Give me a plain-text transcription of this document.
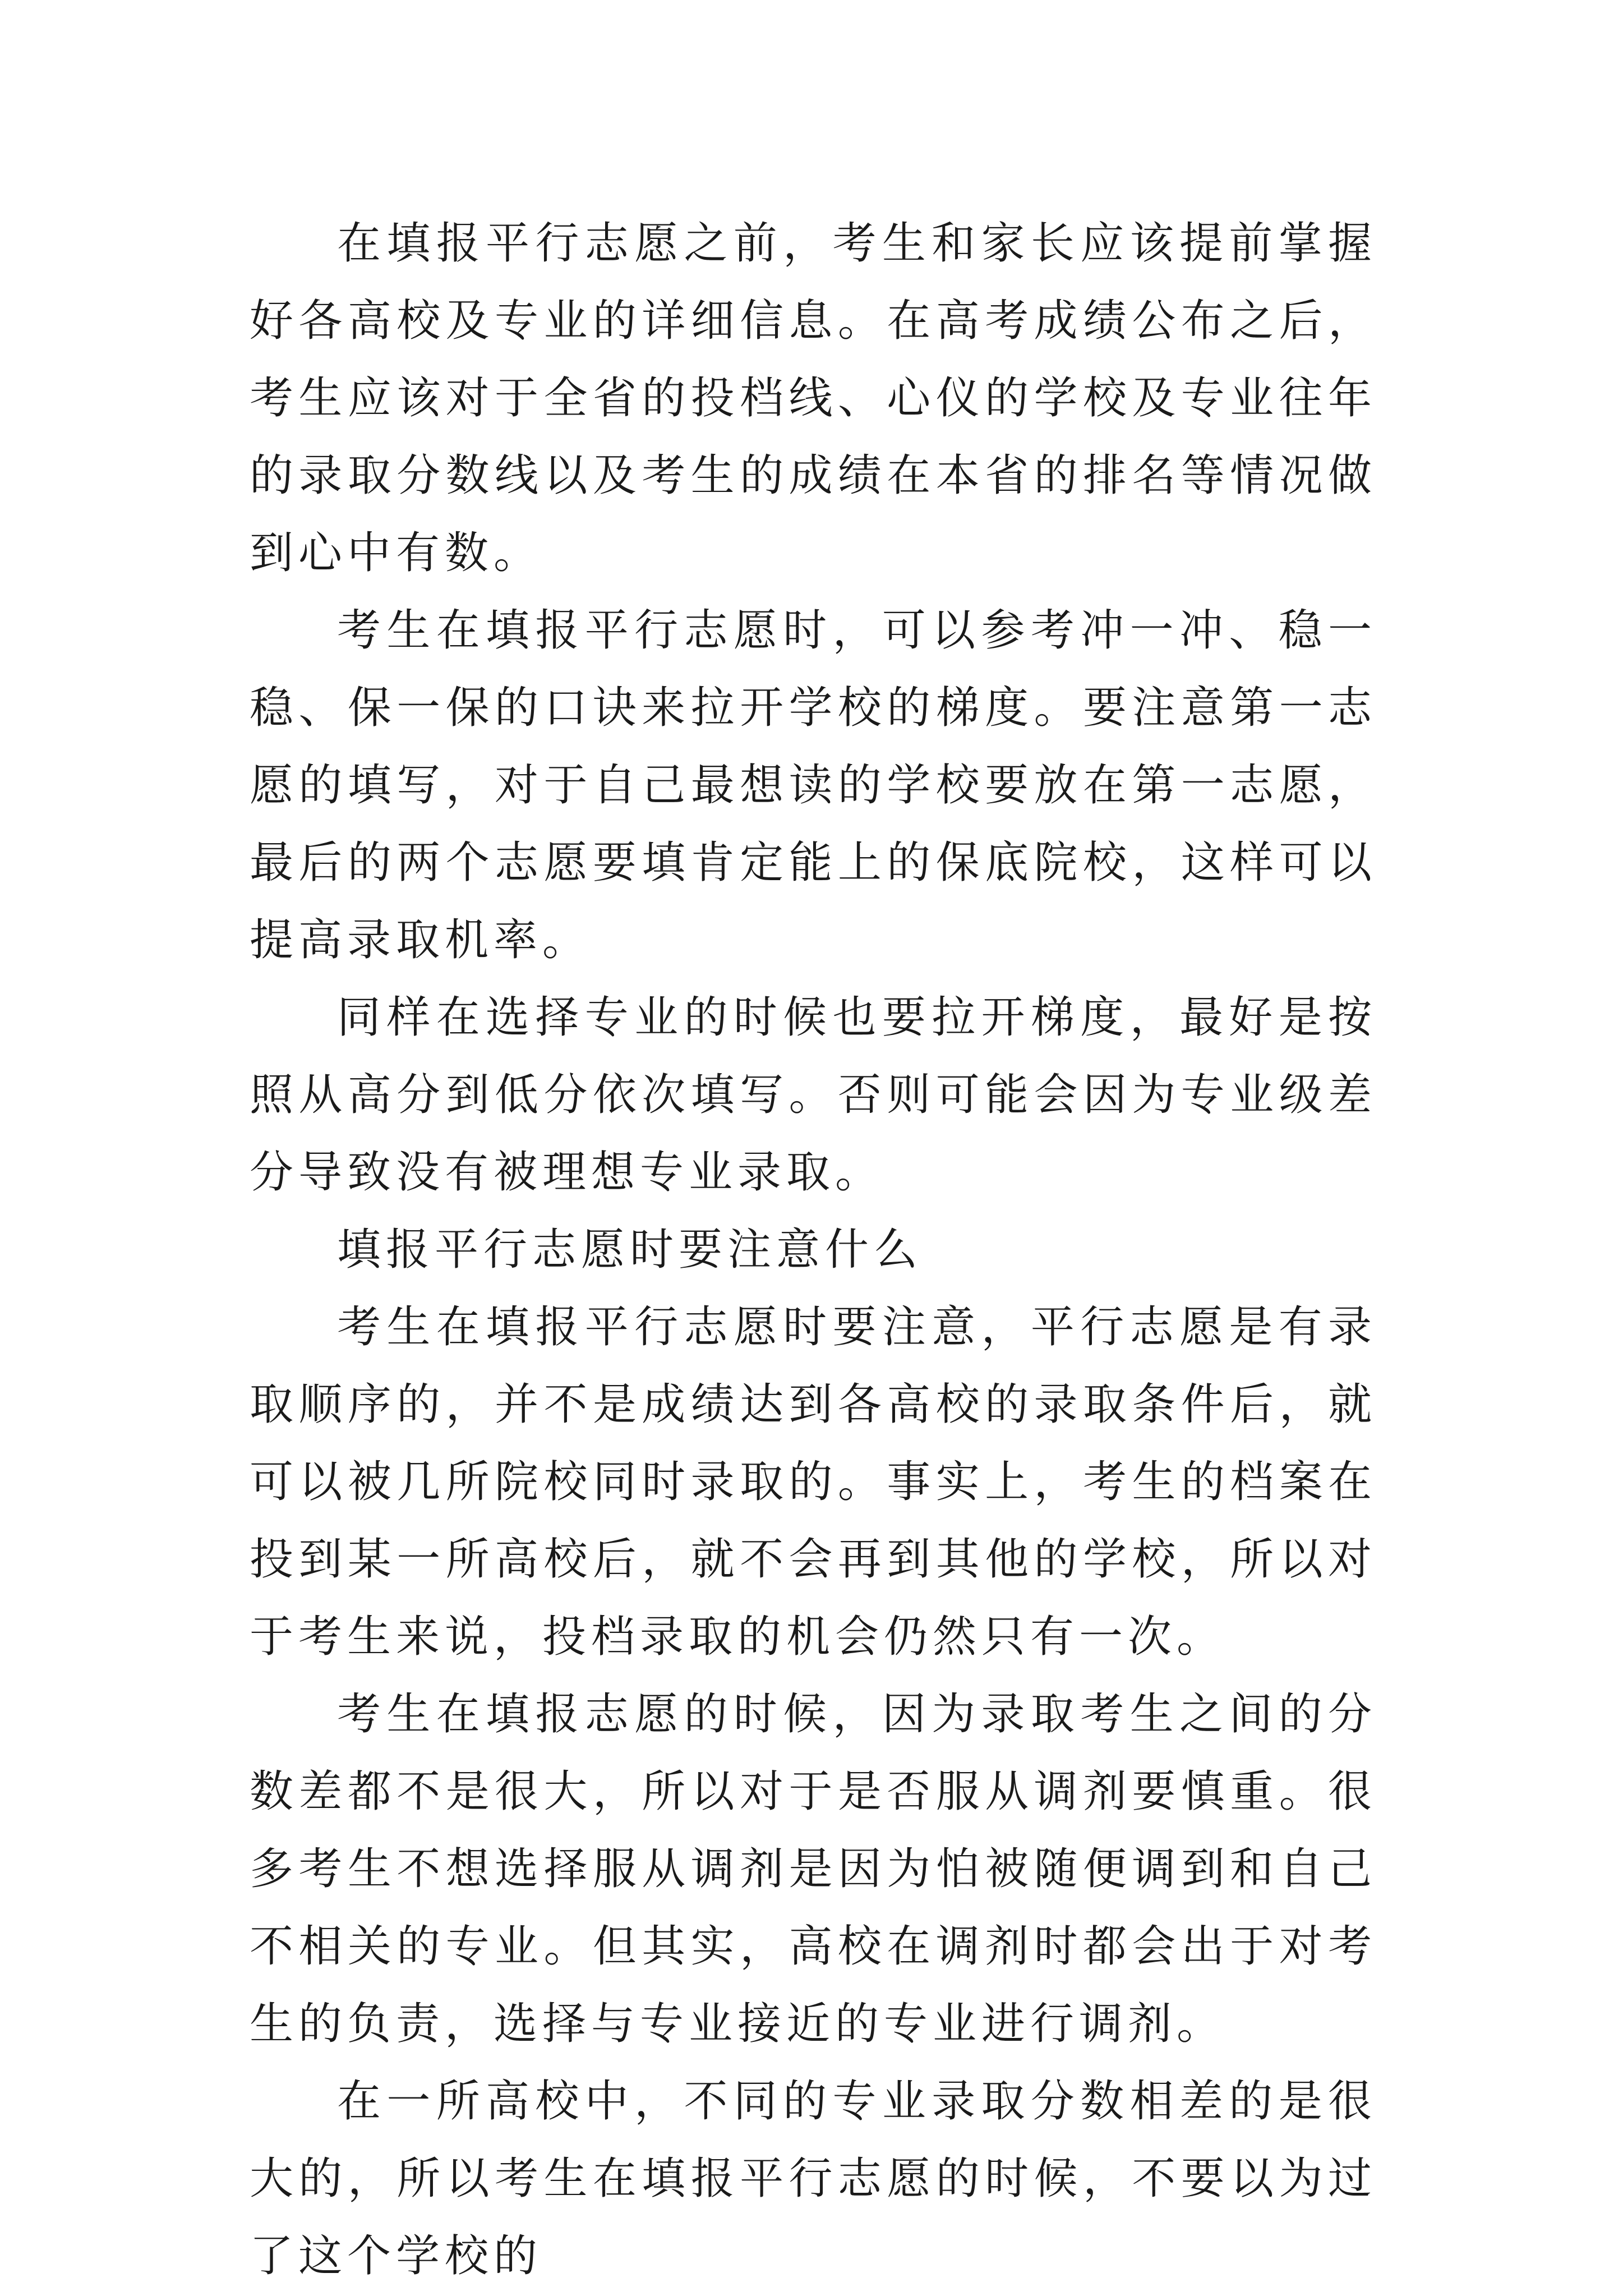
在填报平行志愿之前，考生和家长应该提前掌握好各高校及专业的详细信息。在高考成绩公布之后，考生应该对于全省的投档线、心仪的学校及专业往年的录取分数线以及考生的成绩在本省的排名等情况做到心中有数。

考生在填报平行志愿时，可以参考冲一冲、稳一稳、保一保的口诀来拉开学校的梯度。要注意第一志愿的填写，对于自己最想读的学校要放在第一志愿，最后的两个志愿要填肯定能上的保底院校，这样可以提高录取机率。

同样在选择专业的时候也要拉开梯度，最好是按照从高分到低分依次填写。否则可能会因为专业级差分导致没有被理想专业录取。

填报平行志愿时要注意什么

考生在填报平行志愿时要注意，平行志愿是有录取顺序的，并不是成绩达到各高校的录取条件后，就可以被几所院校同时录取的。事实上，考生的档案在投到某一所高校后，就不会再到其他的学校，所以对于考生来说，投档录取的机会仍然只有一次。

考生在填报志愿的时候，因为录取考生之间的分数差都不是很大，所以对于是否服从调剂要慎重。很多考生不想选择服从调剂是因为怕被随便调到和自己不相关的专业。但其实，高校在调剂时都会出于对考生的负责，选择与专业接近的专业进行调剂。

在一所高校中，不同的专业录取分数相差的是很大的，所以考生在填报平行志愿的时候，不要以为过了这个学校的
